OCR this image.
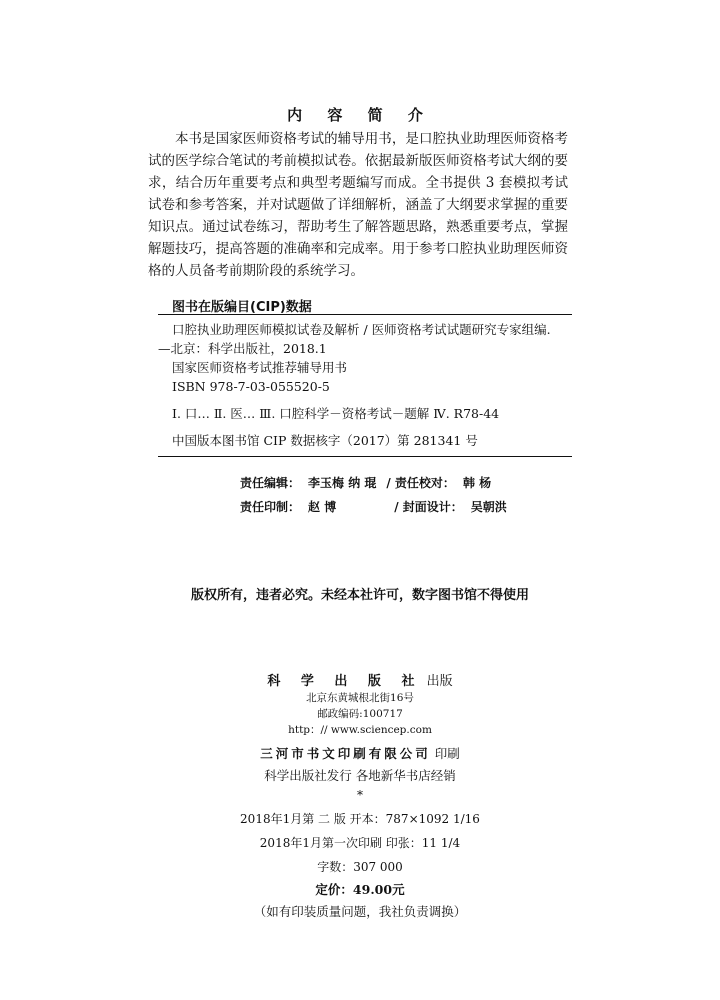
内 容 简 介

本书是国家医师资格考试的辅导用书，是口腔执业助理医师资格考试的医学综合笔试的考前模拟试卷。依据最新版医师资格考试大纲的要求，结合历年重要考点和典型考题编写而成。全书提供 3 套模拟考试试卷和参考答案，并对试题做了详细解析，涵盖了大纲要求掌握的重要知识点。通过试卷练习，帮助考生了解答题思路，熟悉重要考点，掌握解题技巧，提高答题的准确率和完成率。用于参考口腔执业助理医师资格的人员备考前期阶段的系统学习。

图书在版编目(CIP)数据
口腔执业助理医师模拟试卷及解析 / 医师资格考试试题研究专家组编.
—北京：科学出版社，2018.1
国家医师资格考试推荐辅导用书
ISBN 978-7-03-055520-5
Ⅰ. 口… Ⅱ. 医… Ⅲ. 口腔科学－资格考试－题解 Ⅳ. R78-44
中国版本图书馆 CIP 数据核字（2017）第 281341 号
责任编辑： 李玉梅 纳 琨 / 责任校对： 韩 杨
责任印制： 赵 博	/ 封面设计： 吴朝洪
版权所有，违者必究。未经本社许可，数字图书馆不得使用
科 学 出 版 社 出版
北京东黄城根北街16号
邮政编码:100717
http：// www.sciencep.com
三河市书文印刷有限公司 印刷
科学出版社发行 各地新华书店经销
*
2018年1月第 二 版 开本：787×1092 1/16
2018年1月第一次印刷 印张：11 1/4
字数：307 000
定价：49.00元
（如有印装质量问题，我社负责调换）
